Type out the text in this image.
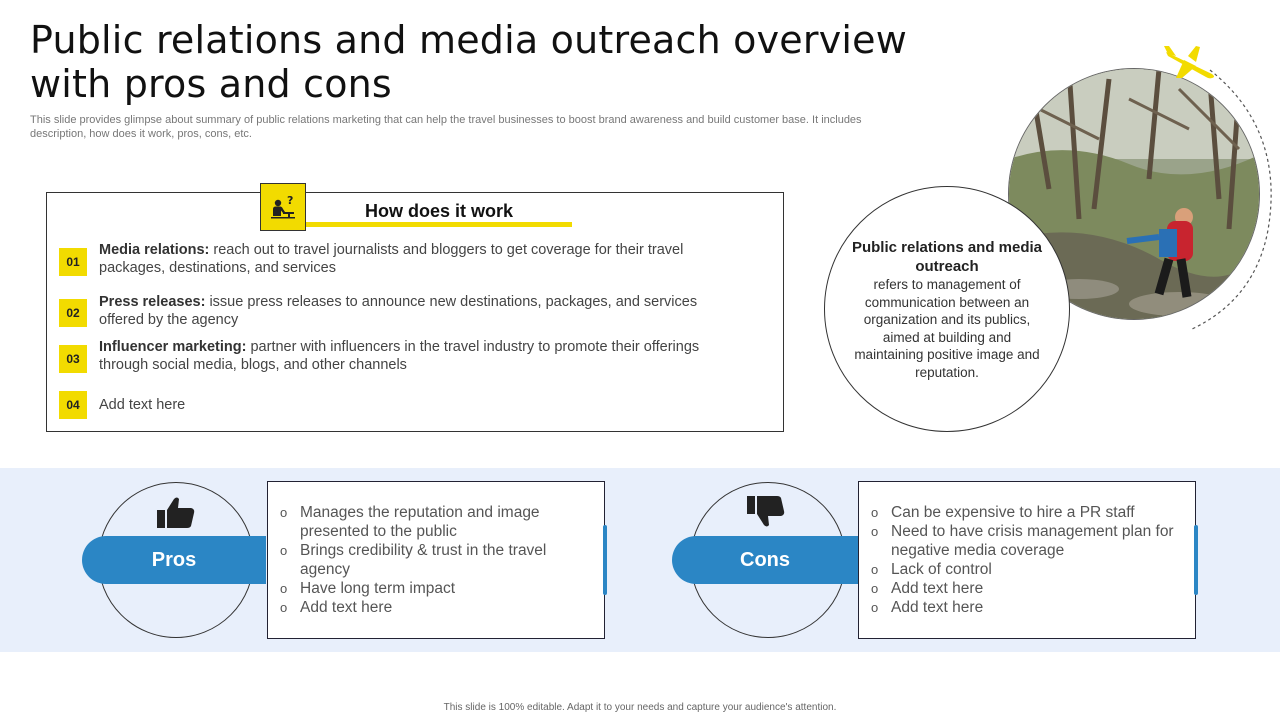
Public relations and media outreach overview
with pros and cons
This slide provides glimpse about summary of public relations marketing that can help the travel businesses to boost brand awareness and build customer base. It includes description, how does it work, pros, cons, etc.
?
How does it work
01
Media relations: reach out to travel journalists and bloggers to get coverage for their travel packages, destinations, and services
02
Press releases: issue press releases to announce new destinations, packages, and services offered by the agency
03
Influencer marketing: partner with influencers in the travel industry to promote their offerings through social media, blogs, and other channels
04	Add text here
Public relations and media outreach
refers to management of communication between an organization and its publics, aimed at building and maintaining positive image and reputation.
Pros
o Manages the reputation and image presented to the public
o Brings credibility & trust in the travel agency
o Have long term impact
o Add text here
Cons
o Can be expensive to hire a PR staff
o Need to have crisis management plan for negative media coverage
o Lack of control
o Add text here
o Add text here
This slide is 100% editable. Adapt it to your needs and capture your audience's attention.
